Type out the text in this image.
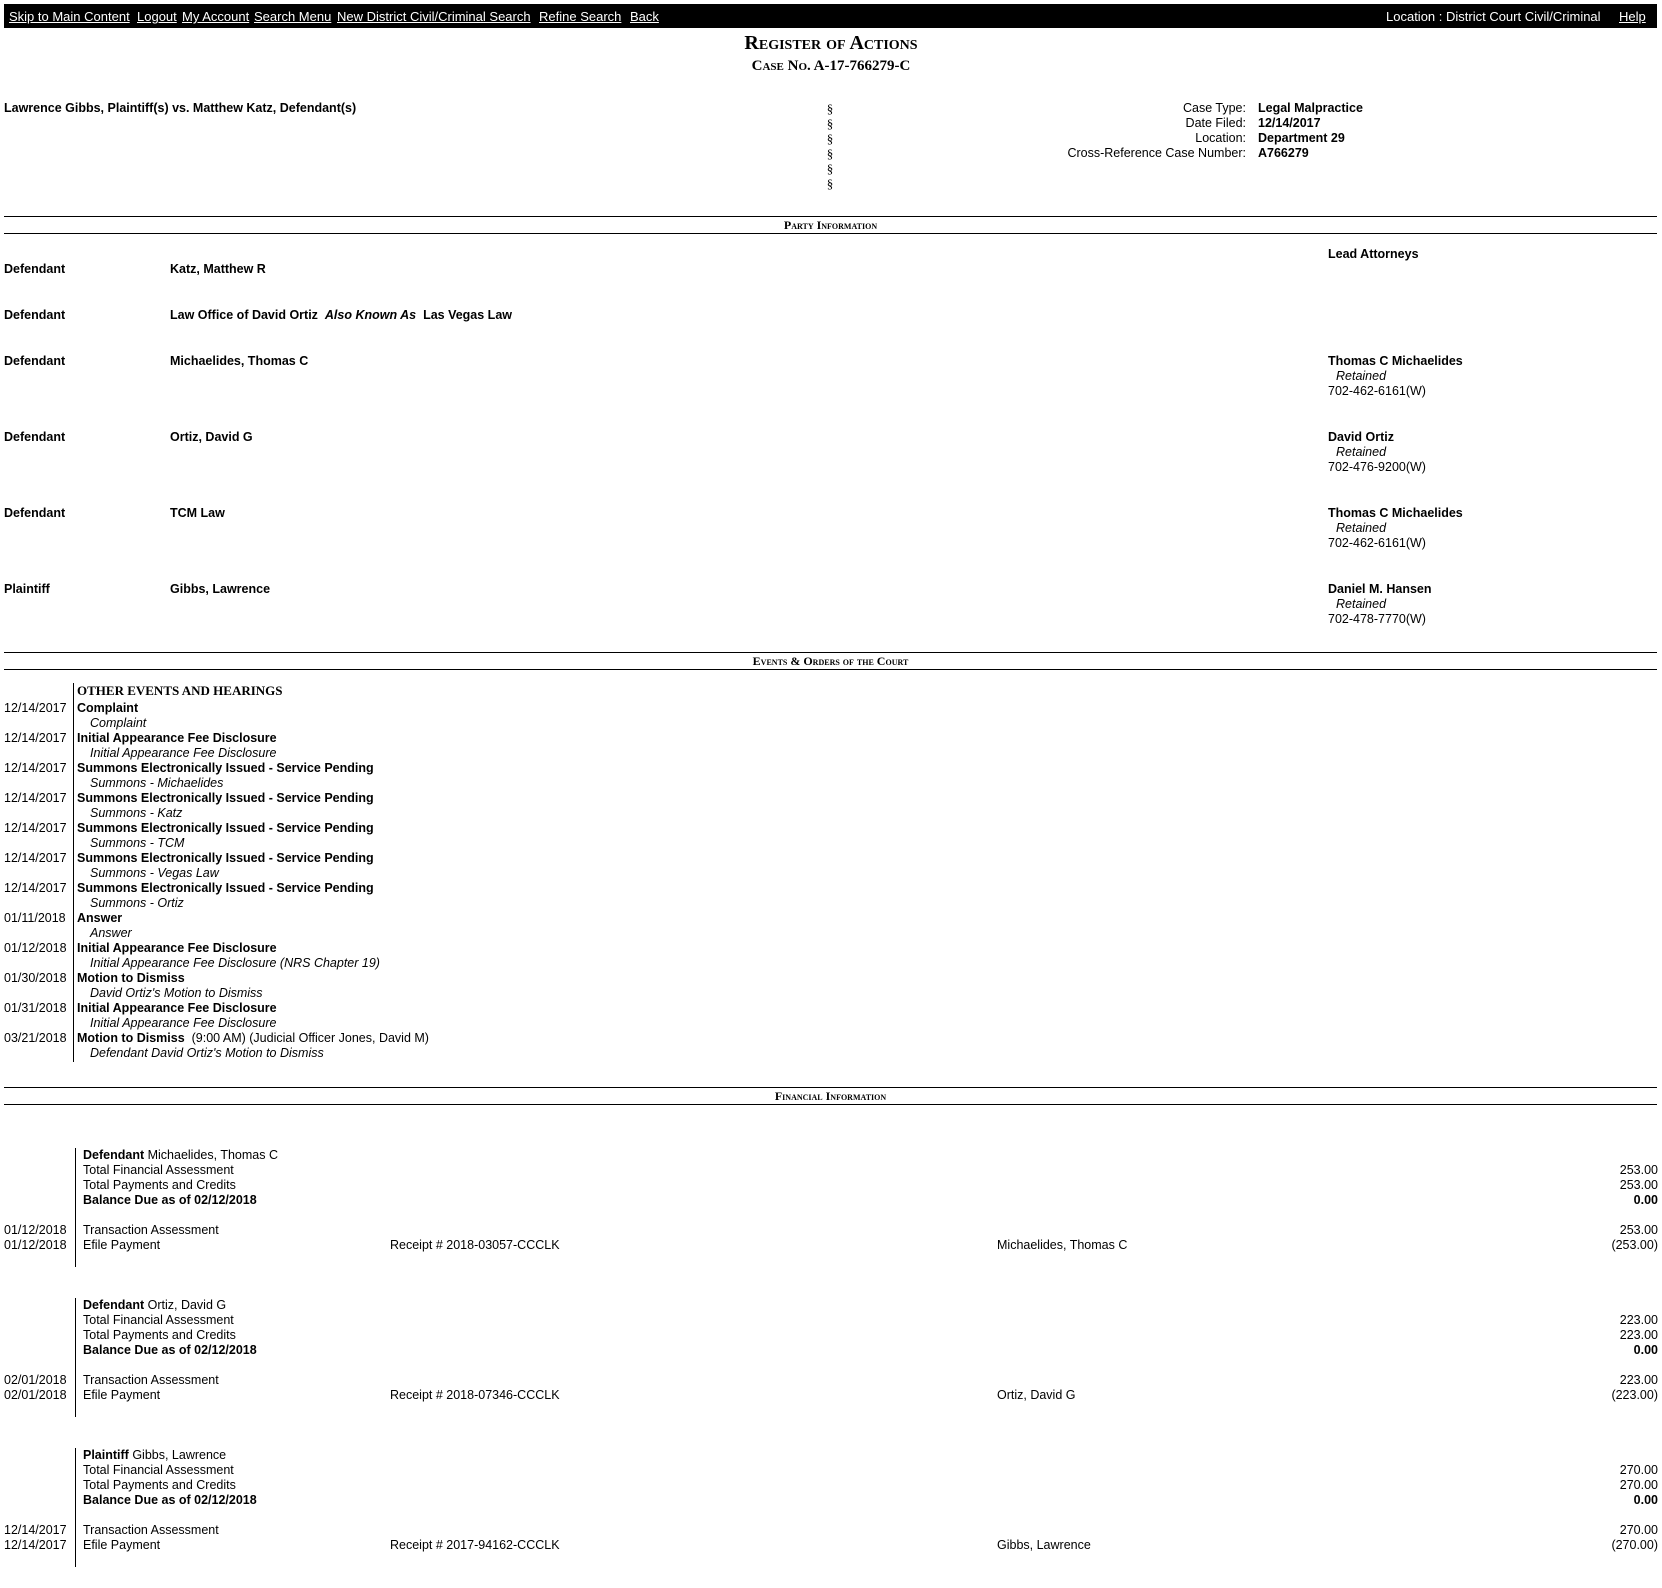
Skip to Main Content Logout My Account Search Menu New District Civil/Criminal Search Refine Search Back	Location : District Court Civil/Criminal Help
Register of Actions
Case No. A-17-766279-C
Lawrence Gibbs, Plaintiff(s) vs. Matthew Katz, Defendant(s)	§
§
§
§
§
§
Case Type: Legal Malpractice
Date Filed: 12/14/2017
Location: Department 29
Cross-Reference Case Number: A766279
Party Information
Lead Attorneys
Defendant	Katz, Matthew R
Defendant	Law Office of David Ortiz Also Known As Las Vegas Law
Defendant	Michaelides, Thomas C	Thomas C Michaelides
Retained
702-462-6161(W)
Defendant	Ortiz, David G	David Ortiz
Retained
702-476-9200(W)
Defendant	TCM Law	Thomas C Michaelides
Retained
702-462-6161(W)
Plaintiff	Gibbs, Lawrence	Daniel M. Hansen
Retained
702-478-7770(W)
Events & Orders of the Court
OTHER EVENTS AND HEARINGS
12/14/2017 Complaint
Complaint
12/14/2017 Initial Appearance Fee Disclosure
Initial Appearance Fee Disclosure
12/14/2017 Summons Electronically Issued - Service Pending
Summons - Michaelides
12/14/2017 Summons Electronically Issued - Service Pending
Summons - Katz
12/14/2017 Summons Electronically Issued - Service Pending
Summons - TCM
12/14/2017 Summons Electronically Issued - Service Pending
Summons - Vegas Law
12/14/2017 Summons Electronically Issued - Service Pending
Summons - Ortiz
01/11/2018 Answer
Answer
01/12/2018 Initial Appearance Fee Disclosure
Initial Appearance Fee Disclosure (NRS Chapter 19)
01/30/2018 Motion to Dismiss
David Ortiz's Motion to Dismiss
01/31/2018 Initial Appearance Fee Disclosure
Initial Appearance Fee Disclosure
03/21/2018 Motion to Dismiss (9:00 AM) (Judicial Officer Jones, David M)
Defendant David Ortiz's Motion to Dismiss
Financial Information
Defendant Michaelides, Thomas C
Total Financial Assessment	253.00
Total Payments and Credits	253.00
Balance Due as of 02/12/2018	0.00
01/12/2018 Transaction Assessment	253.00
01/12/2018 Efile Payment	Receipt # 2018-03057-CCCLK	Michaelides, Thomas C	(253.00)
Defendant Ortiz, David G
Total Financial Assessment	223.00
Total Payments and Credits	223.00
Balance Due as of 02/12/2018	0.00
02/01/2018 Transaction Assessment	223.00
02/01/2018 Efile Payment	Receipt # 2018-07346-CCCLK	Ortiz, David G	(223.00)
Plaintiff Gibbs, Lawrence
Total Financial Assessment	270.00
Total Payments and Credits	270.00
Balance Due as of 02/12/2018	0.00
12/14/2017 Transaction Assessment	270.00
12/14/2017 Efile Payment	Receipt # 2017-94162-CCCLK	Gibbs, Lawrence	(270.00)
